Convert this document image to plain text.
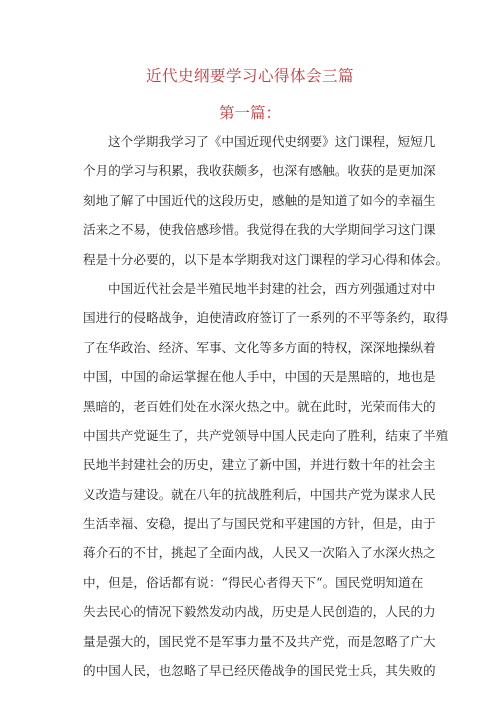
近代史纲要学习心得体会三篇
第一篇：
这个学期我学习了《中国近现代史纲要》这门课程，短短几
个月的学习与积累，我收获颇多，也深有感触。收获的是更加深
刻地了解了中国近代的这段历史，感触的是知道了如今的幸福生
活来之不易，使我倍感珍惜。我觉得在我的大学期间学习这门课
程是十分必要的，以下是本学期我对这门课程的学习心得和体会。
中国近代社会是半殖民地半封建的社会，西方列强通过对中
国进行的侵略战争，迫使清政府签订了一系列的不平等条约，取得
了在华政治、经济、军事、文化等多方面的特权，深深地操纵着
中国，中国的命运掌握在他人手中，中国的天是黑暗的，地也是
黑暗的，老百姓们处在水深火热之中。就在此时，光荣而伟大的
中国共产党诞生了，共产党领导中国人民走向了胜利，结束了半殖
民地半封建社会的历史，建立了新中国，并进行数十年的社会主
义改造与建设。就在八年的抗战胜利后，中国共产党为谋求人民
生活幸福、安稳，提出了与国民党和平建国的方针，但是，由于
蒋介石的不甘，挑起了全面内战，人民又一次陷入了水深火热之
中，但是，俗话都有说：“得民心者得天下“。国民党明知道在
失去民心的情况下毅然发动内战，历史是人民创造的，人民的力
量是强大的，国民党不是军事力量不及共产党，而是忽略了广大
的中国人民，也忽略了早已经厌倦战争的国民党士兵，其失败的
